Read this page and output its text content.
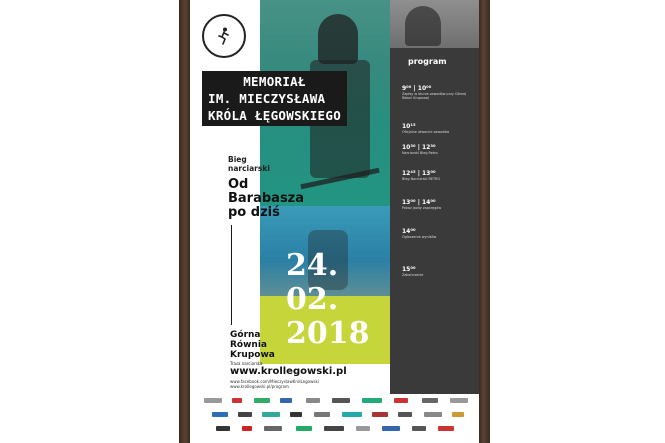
MEMORIAŁ
IM. MIECZYSŁAWA
KRÓLA ŁĘGOWSKIEGO
Bieg
narciarski
Od
Barabasza
po dziś
24.
02.
2018
Górna
Równia
Krupowa
Trasa narciarska
www.krollegowski.pl
www.facebook.com/MieczyslawKrolLegowski
www.krollegowski.pl/program
program
9⁰⁰ | 10⁰⁰
Zapisy w biurze zawodów przy Górnej Równi Krupowej
10¹⁵
Oficjalne otwarcie zawodów
10³⁰ | 12³⁰
Narciarski Bieg Retro
12⁴⁵ | 13⁰⁰
Bieg Narciarski RETRO
13⁰⁰ | 14⁰⁰
Pokaz jazdy zaprzęgów
14⁰⁰
Ogłoszenie wyników
15⁰⁰
Zakończenie
